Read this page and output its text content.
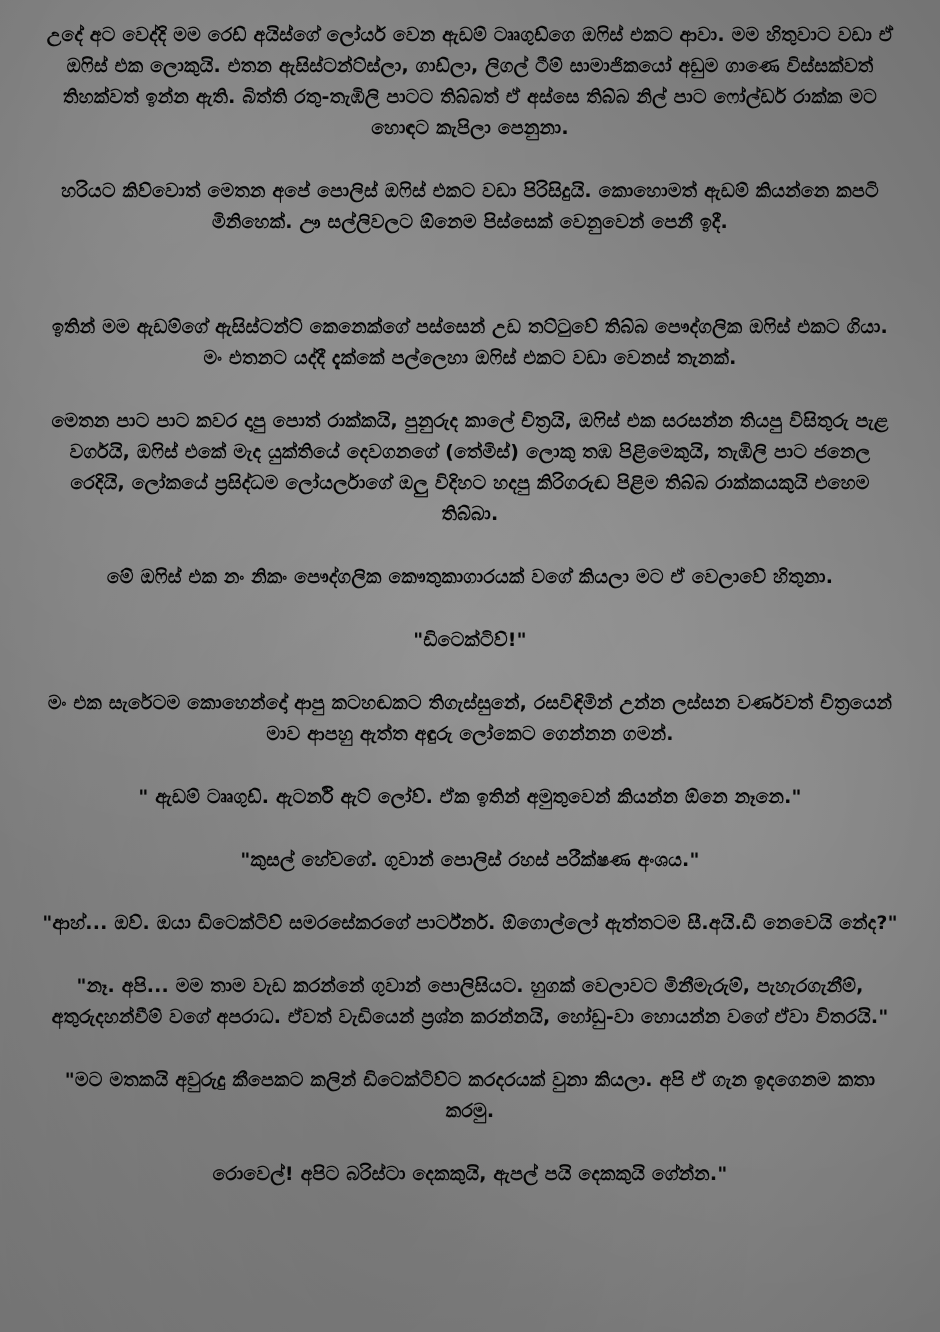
උදේ අට වෙද්දි මම රෙඩ් අයිස්ගේ ලෝයර් වෙන ඇඩම් ටෲගුඩ්ගෙ ඔෆිස් එකට ආවා. මම හිතුවාට වඩා ඒ ඔෆිස් එක ලොකුයි. එතන ඇසිස්ටන්ට්ස්ලා, ගාඩ්ලා, ලිගල් ටීම් සාමාජිකයෝ අඩුම ගාණෙ විස්සක්වත් තිහක්වත් ඉන්න ඇති. බිත්ති රතු-තැඹිලි පාටට තිබ්බත් ඒ අස්සෙ තිබ්බ නිල් පාට ෆෝල්ඩර් රාක්ක මට හොඳට කැපිලා පෙනුනා.

හරියට කිව්වොත් මෙතන අපේ පොලිස් ඔෆිස් එකට වඩා පිරිසිදුයි. කොහොමත් ඇඩම් කියන්නෙ කපටි මිනිහෙක්. ඌ සල්ලිවලට ඕනෙම පිස්සෙක් වෙනුවෙන් පෙනී ඉදී.

ඉතින් මම ඇඩම්ගේ ඇසිස්ටන්ට් කෙනෙක්ගේ පස්සෙන් උඩ තට්ටුවේ තිබ්බ පෞද්ගලික ඔෆිස් එකට ගියා. මං එතනට යද්දී දැක්කේ පල්ලෙහා ඔෆිස් එකට වඩා වෙනස් තැනක්.

මෙතන පාට පාට කවර දාපු පොත් රාක්කයි, පුනුරුද කාලේ චිත්‍රයි, ඔෆිස් එක සරසන්න තියපු විසිතුරු පැළ වර්ගයි, ඔෆිස් එකේ මැද යුක්තියේ දෙවගනගේ (තේමිස්) ලොකු තඹ පිළිමෙකුයි, තැඹිලි පාට ජනෙල රෙදියි, ලෝකයේ ප්‍රසිද්ධම ලෝයර්ලාගේ ඔලු විදිහට හදපු කිරිගරුඬ පිළිම තිබ්බ රාක්කයකුයි එහෙම තිබ්බා.

මේ ඔෆිස් එක නං නිකං පෞද්ගලික කෞතුකාගාරයක් වගේ කියලා මට ඒ වෙලාවේ හිතුනා.

"ඩිටෙක්ටිව්!"

මං එක සැරේටම කොහෙන්දෝ ආපු කටහඬකට තිගැස්සුනේ, රසවිඳිමින් උන්න ලස්සන වර්ණවත් චිත්‍රයෙන් මාව ආපහු ඇත්ත අඳුරු ලෝකෙට ගෙන්නන ගමන්.

" ඇඩම් ටෲගුඩ්. ඇටර්නි ඇට් ලෝව්. ඒක ඉතින් අමුතුවෙන් කියන්න ඕනෙ නෑනෙ."

"කුසල් හේවගේ. ගුවාන් පොලිස් රහස් පරීක්ෂණ අංශය."

"ආහ්... ඔව්. ඔයා ඩිටෙක්ටිව් සමරසේකරගේ පාර්ට්නර්. ඕගොල්ලෝ ඇත්තටම සී.අයි.ඩී නෙවෙයි නේද?"

"නෑ. අපි... මම තාම වැඩ කරන්නේ ගුවාන් පොලිසියට. හුගක් වෙලාවට මිනීමැරුම්, පැහැරගැනීම්, අතුරුදහන්වීම් වගේ අපරාධ. ඒවත් වැඩියෙන් ප්‍රශ්න කරන්නයි, හෝඩු-වා හොයන්න වගේ ඒවා විතරයි."

"මට මතකයි අවුරුදු කීපෙකට කලින් ඩිටෙක්ටිව්ට කරදරයක් වුනා කියලා. අපි ඒ ගැන ඉදගෙනම කතා කරමු.

රොවෙල්! අපිට බරිස්ටා දෙකකුයි, ඇපල් පයි දෙකකුයි ගේන්න."
